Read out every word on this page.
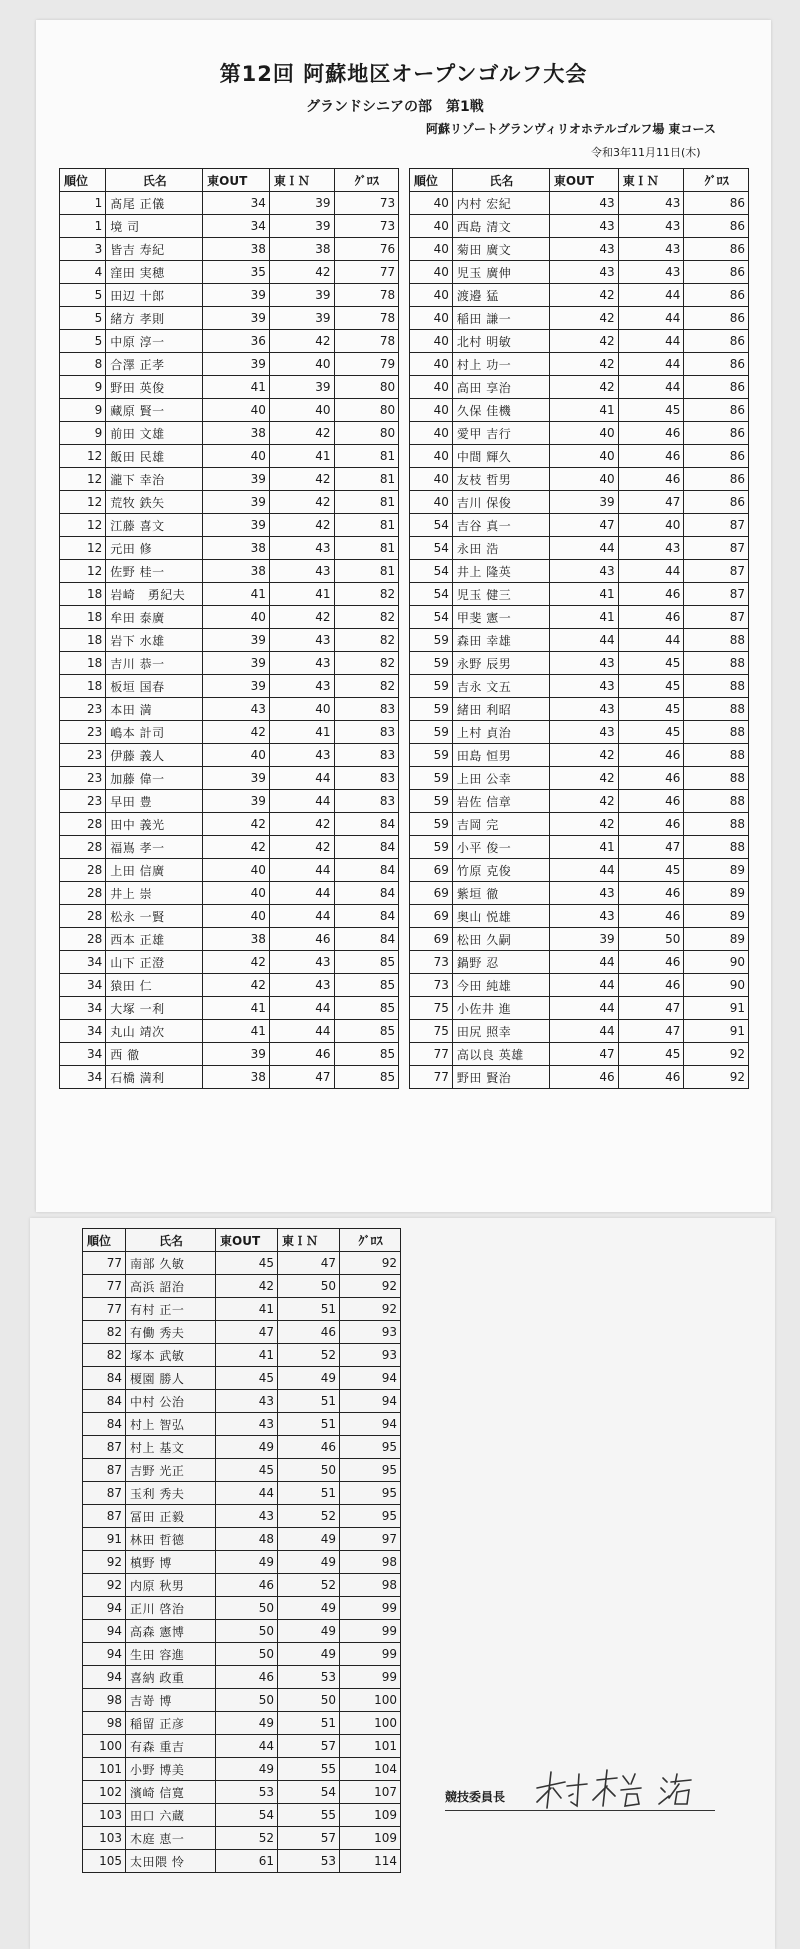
第12回 阿蘇地区オープンゴルフ大会
グランドシニアの部　第1戦
阿蘇リゾートグランヴィリオホテルゴルフ場 東コース
令和3年11月11日(木)
順位	氏名	東OUT	東ＩＮ	ｸﾞﾛｽ		順位	氏名	東OUT	東ＩＮ	ｸﾞﾛｽ
1	髙尾 正儀	34	39	73		40	内村 宏紀	43	43	86
1	境 司	34	39	73		40	西島 清文	43	43	86
3	皆吉 寿紀	38	38	76		40	菊田 廣文	43	43	86
4	窪田 実穂	35	42	77		40	児玉 廣伸	43	43	86
5	田辺 十郎	39	39	78		40	渡邉 猛	42	44	86
5	緒方 孝則	39	39	78		40	稲田 謙一	42	44	86
5	中原 淳一	36	42	78		40	北村 明敏	42	44	86
8	合澤 正孝	39	40	79		40	村上 功一	42	44	86
9	野田 英俊	41	39	80		40	高田 享治	42	44	86
9	藏原 賢一	40	40	80		40	久保 佳機	41	45	86
9	前田 文雄	38	42	80		40	愛甲 吉行	40	46	86
12	飯田 民雄	40	41	81		40	中間 輝久	40	46	86
12	瀧下 幸治	39	42	81		40	友枝 哲男	40	46	86
12	荒牧 鉄矢	39	42	81		40	吉川 保俊	39	47	86
12	江藤 喜文	39	42	81		54	吉谷 真一	47	40	87
12	元田 修	38	43	81		54	永田 浩	44	43	87
12	佐野 桂一	38	43	81		54	井上 隆英	43	44	87
18	岩崎　勇紀夫	41	41	82		54	児玉 健三	41	46	87
18	牟田 泰廣	40	42	82		54	甲斐 憲一	41	46	87
18	岩下 水雄	39	43	82		59	森田 幸雄	44	44	88
18	吉川 恭一	39	43	82		59	永野 辰男	43	45	88
18	板垣 国春	39	43	82		59	吉永 文五	43	45	88
23	本田 満	43	40	83		59	緒田 利昭	43	45	88
23	嶋本 計司	42	41	83		59	上村 貞治	43	45	88
23	伊藤 義人	40	43	83		59	田島 恒男	42	46	88
23	加藤 偉一	39	44	83		59	上田 公幸	42	46	88
23	早田 豊	39	44	83		59	岩佐 信章	42	46	88
28	田中 義光	42	42	84		59	吉岡 完	42	46	88
28	福嶌 孝一	42	42	84		59	小平 俊一	41	47	88
28	上田 信廣	40	44	84		69	竹原 克俊	44	45	89
28	井上 崇	40	44	84		69	紫垣 徹	43	46	89
28	松永 一賢	40	44	84		69	奥山 悦雄	43	46	89
28	西本 正雄	38	46	84		69	松田 久嗣	39	50	89
34	山下 正澄	42	43	85		73	鍋野 忍	44	46	90
34	猿田 仁	42	43	85		73	今田 純雄	44	46	90
34	大塚 一利	41	44	85		75	小佐井 進	44	47	91
34	丸山 靖次	41	44	85		75	田尻 照幸	44	47	91
34	西 徹	39	46	85		77	高以良 英雄	47	45	92
34	石橋 満利	38	47	85		77	野田 賢治	46	46	92
順位	氏名	東OUT	東ＩＮ	ｸﾞﾛｽ
77	南部 久敏	45	47	92
77	高浜 詔治	42	50	92
77	有村 正一	41	51	92
82	有働 秀夫	47	46	93
82	塚本 武敏	41	52	93
84	榎園 勝人	45	49	94
84	中村 公治	43	51	94
84	村上 智弘	43	51	94
87	村上 基文	49	46	95
87	吉野 光正	45	50	95
87	玉利 秀夫	44	51	95
87	冨田 正毅	43	52	95
91	林田 哲德	48	49	97
92	槙野 博	49	49	98
92	内原 秋男	46	52	98
94	正川 啓治	50	49	99
94	高森 憲博	50	49	99
94	生田 容進	50	49	99
94	喜納 政重	46	53	99
98	吉嵜 博	50	50	100
98	稲留 正彦	49	51	100
100	有森 重吉	44	57	101
101	小野 博美	49	55	104
102	濱崎 信寛	53	54	107
103	田口 六蔵	54	55	109
103	木庭 恵一	52	57	109
105	太田隈 怜	61	53	114
競技委員長
